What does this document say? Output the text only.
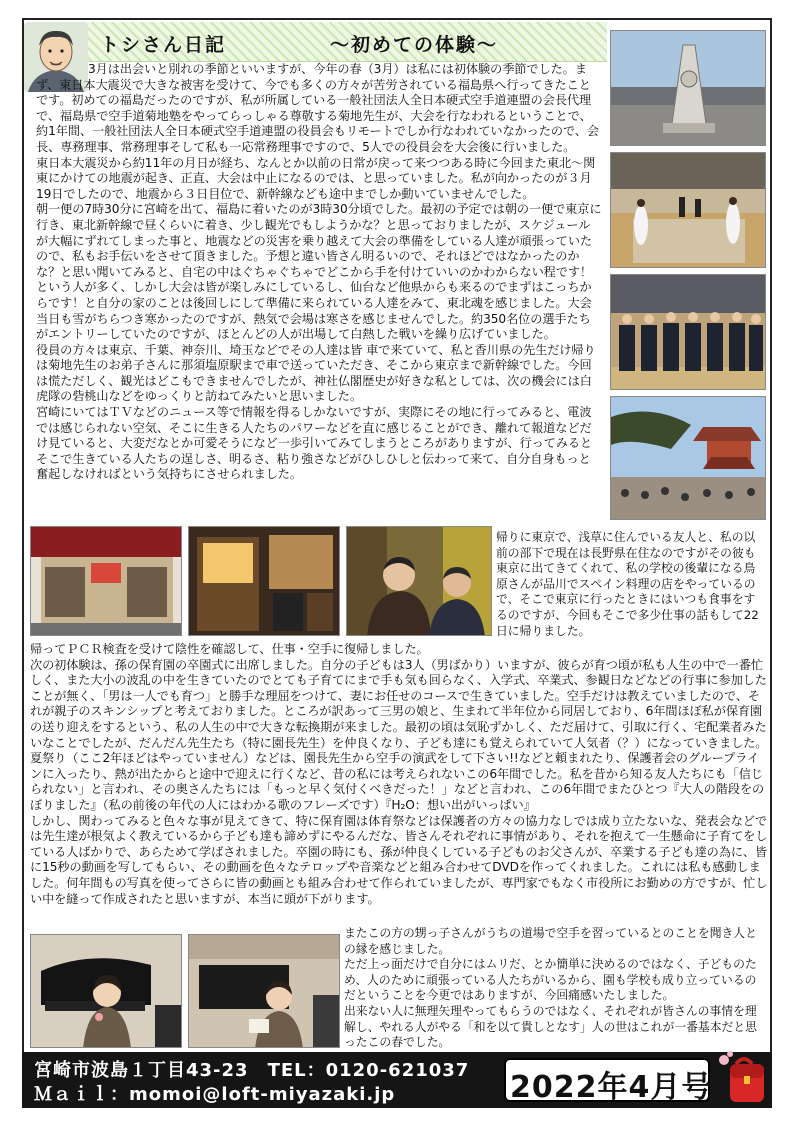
トシさん日記	～初めての体験～

3月は出会いと別れの季節といいますが、今年の春（3月）は私には初体験の季節でした。まず、東日本大震災で大きな被害を受けて、今でも多くの方々が苦労されている福島県へ行ってきたことです。初めての福島だったのですが、私が所属している一般社団法人全日本硬式空手道連盟の会長代理で、福島県で空手道菊地塾をやってらっしゃる尊敬する菊地先生が、大会を行なわれるということで、約1年間、一般社団法人全日本硬式空手道連盟の役員会もリモートでしか行なわれていなかったので、会長、専務理事、常務理事そして私も一応常務理事ですので、5人での役員会を大会後に行いました。

東日本大震災から約11年の月日が経ち、なんとか以前の日常が戻って来つつある時に今回また東北～関東にかけての地震が起き、正直、大会は中止になるのでは、と思っていました。私が向かったのが３月19日でしたので、地震から３日目位で、新幹線なども途中までしか動いていませんでした。

朝一便の7時30分に宮崎を出て、福島に着いたのが3時30分頃でした。最初の予定では朝の一便で東京に行き、東北新幹線で昼くらいに着き、少し観光でもしようかな？と思っておりましたが、スケジュールが大幅にずれてしまった事と、地震などの災害を乗り越えて大会の準備をしている人達が頑張っていたので、私もお手伝いをさせて頂きました。予想と違い皆さん明るいので、それほどではなかったのかな？と思い聞いてみると、自宅の中はぐちゃぐちゃでどこから手を付けていいのかわからない程です！という人が多く、しかし大会は皆が楽しみにしているし、仙台など他県からも来るのでまずはこっちからです！と自分の家のことは後回しにして準備に来られている人達をみて、東北魂を感じました。大会当日も雪がちらつき寒かったのですが、熱気で会場は寒さを感じませんでした。約350名位の選手たちがエントリーしていたのですが、ほとんどの人が出場して白熱した戦いを繰り広げていました。

役員の方々は東京、千葉、神奈川、埼玉などでその人達は皆 車で来ていて、私と香川県の先生だけ帰りは菊地先生のお弟子さんに那須塩原駅まで車で送っていただき、そこから東京まで新幹線でした。今回は慌ただしく、観光はどこもできませんでしたが、神社仏閣歴史が好きな私としては、次の機会には白虎隊の砦桃山などをゆっくりと訪ねてみたいと思いました。

宮崎にいてはＴＶなどのニュース等で情報を得るしかないですが、実際にその地に行ってみると、電波では感じられない空気、そこに生きる人たちのパワーなどを直に感じることができ、離れて報道などだけ見ていると、大変だなとか可愛そうになど一歩引いてみてしまうところがありますが、行ってみるとそこで生きている人たちの逞しさ、明るさ、粘り強さなどがひしひしと伝わって来て、自分自身もっと奮起しなければという気持ちにさせられました。

帰りに東京で、浅草に住んでいる友人と、私の以前の部下で現在は長野県在住なのですがその彼も東京に出てきてくれて、私の学校の後輩になる鳥原さんが品川でスペイン料理の店をやっているので、そこで東京に行ったときにはいつも食事をするのですが、今回もそこで多少仕事の話もして22日に帰りました。

帰ってＰＣＲ検査を受けて陰性を確認して、仕事・空手に復帰しました。

次の初体験は、孫の保育園の卒園式に出席しました。自分の子どもは3人（男ばかり）いますが、彼らが育つ頃が私も人生の中で一番忙しく、また大小の波乱の中を生きていたのでとても子育てにまで手も気も回らなく、入学式、卒業式、参観日などなどの行事に参加したことが無く、「男は一人でも育つ」と勝手な理屈をつけて、妻にお任せのコースで生きていました。空手だけは教えていましたので、それが親子のスキンシップと考えておりました。ところが訳あって三男の娘と、生まれて半年位から同居しており、6年間ほぼ私が保育園の送り迎えをするという、私の人生の中で大きな転換期が来ました。最初の頃は気恥ずかしく、ただ届けて、引取に行く、宅配業者みたいなことでしたが、だんだん先生たち（特に園長先生）を仲良くなり、子ども達にも覚えられていて人気者（？）になっていきました。夏祭り（ここ2年ほどはやっていません）などは、園長先生から空手の演武をして下さい!!などと頼まれたり、保護者会のグループラインに入ったり、熱が出たからと途中で迎えに行くなど、昔の私には考えられないこの6年間でした。私を昔から知る友人たちにも「信じられない」と言われ、その奥さんたちには「もっと早く気付くべきだった！」などと言われ、この6年間でまたひとつ『大人の階段をのぼりました』（私の前後の年代の人にはわかる歌のフレーズです）『H₂O：想い出がいっぱい』

しかし、関わってみると色々な事が見えてきて、特に保育園は体育祭などは保護者の方々の協力なしでは成り立たないな、発表会などでは先生達が根気よく教えているから子ども達も諦めずにやるんだな、皆さんそれぞれに事情があり、それを抱えて一生懸命に子育てをしている人ばかりで、あらためて学ばされました。卒園の時にも、孫が仲良くしている子どものお父さんが、卒業する子ども達の為に、皆に15秒の動画を写してもらい、その動画を色々なテロップや音楽などと組み合わせてDVDを作ってくれました。これには私も感動しました。何年間もの写真を使ってさらに皆の動画とも組み合わせて作られていましたが、専門家でもなく市役所にお勤めの方ですが、忙しい中を縫って作成されたと思いますが、本当に頭が下がります。

またこの方の甥っ子さんがうちの道場で空手を習っているとのことを聞き人との縁を感じました。

ただ上っ面だけで自分にはムリだ、とか簡単に決めるのではなく、子どものため、人のために頑張っている人たちがいるから、園も学校も成り立っているのだということを今更ではありますが、今回痛感いたしました。

出来ない人に無理矢理やってもらうのではなく、それぞれが皆さんの事情を理解し、やれる人がやる「和を以て貴しとなす」人の世はこれが一番基本だと思ったこの春でした。

宮崎市波島１丁目43-23　TEL：0120-621037
Ｍａｉｌ：momoi@loft-miyazaki.jp	2022年4月号
